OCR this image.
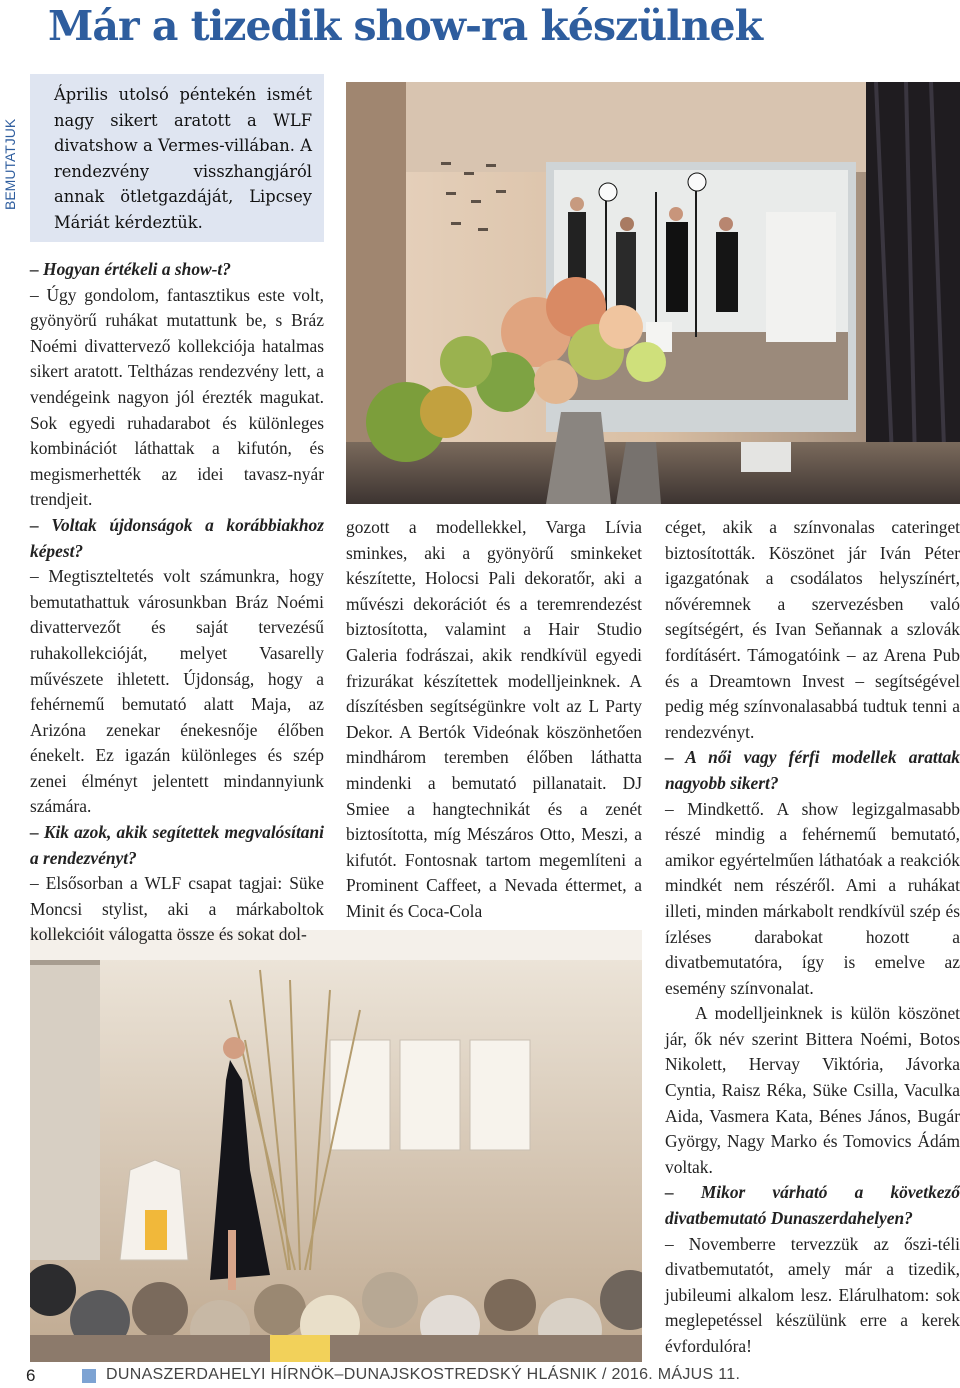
Már a tizedik show-ra készülnek
BEMUTATJUK

Április utolsó péntekén ismét nagy sikert aratott a WLF divatshow a Vermes-villában. A rendezvény visszhangjáról annak ötletgazdáját, Lipcsey Máriát kérdeztük.

– Hogyan értékeli a show-t?

– Úgy gondolom, fantasztikus este volt, gyönyörű ruhákat mutattunk be, s Bráz Noémi divattervező kollekciója hatalmas sikert aratott. Teltházas rendezvény lett, a vendégeink nagyon jól érezték magukat. Sok egyedi ruhadarabot és különleges kombinációt láthattak a kifutón, és megismerhették az idei tavasz-nyár trendjeit.

– Voltak újdonságok a korábbiakhoz képest?

– Megtiszteltetés volt számunkra, hogy bemutathattuk városunkban Bráz Noémi divattervezőt és saját tervezésű ruhakollekcióját, melyet Vasarelly művészete ihletett. Újdonság, hogy a fehérnemű bemutató alatt Maja, az Arizóna zenekar énekesnője élőben énekelt. Ez igazán különleges és szép zenei élményt jelentett mindannyiunk számára.

– Kik azok, akik segítettek megvalósítani a rendezvényt?

– Elsősorban a WLF csapat tagjai: Süke Moncsi stylist, aki a márkaboltok kollekcióit válogatta össze és sokat dol-

gozott a modellekkel, Varga Lívia sminkes, aki a gyönyörű sminkeket készítette, Holocsi Pali dekoratőr, aki a művészi dekorációt és a teremrendezést biztosította, valamint a Hair Studio Galeria fodrászai, akik rendkívül egyedi frizurákat készítettek modelljeinknek. A díszítésben segítségünkre volt az L Party Dekor. A Bertók Videónak köszönhetően mindhárom teremben élőben láthatta mindenki a bemutató pillanatait. DJ Smiee a hangtechnikát és a zenét biztosította, míg Mészáros Otto, Meszi, a kifutót. Fontosnak tartom megemlíteni a Prominent Caffeet, a Nevada éttermet, a Minit és Coca-Cola

céget, akik a színvonalas cateringet biztosították. Köszönet jár Iván Péter igazgatónak a csodálatos helyszínért, nővéremnek a szervezésben való segítségért, és Ivan Seňannak a szlovák fordításért. Támogatóink – az Arena Pub és a Dreamtown Invest – segítségével pedig még színvonalasabbá tudtuk tenni a rendezvényt.

– A női vagy férfi modellek arattak nagyobb sikert?

– Mindkettő. A show legizgalmasabb részé mindig a fehérnemű bemutató, amikor egyértelműen láthatóak a reakciók mindkét nem részéről. Ami a ruhákat illeti, minden márkabolt rendkívül szép és ízléses darabokat hozott a divatbemutatóra, így is emelve az esemény színvonalat.

A modelljeinknek is külön köszönet jár, ők név szerint Bittera Noémi, Botos Nikolett, Hervay Viktória, Jávorka Cyntia, Raisz Réka, Süke Csilla, Vaculka Aida, Vasmera Kata, Bénes János, Bugár György, Nagy Marko és Tomovics Ádám voltak.

– Mikor várható a következő divatbemutató Dunaszerdahelyen?

– Novemberre tervezzük az őszi-téli divatbemutatót, amely már a tizedik, jubileumi alkalom lesz. Elárulhatom: sok meglepetéssel készülünk erre a kerek évfordulóra!

6	DUNASZERDAHELYI HÍRNÖK–DUNAJSKOSTREDSKÝ HLÁSNIK / 2016. MÁJUS 11.
